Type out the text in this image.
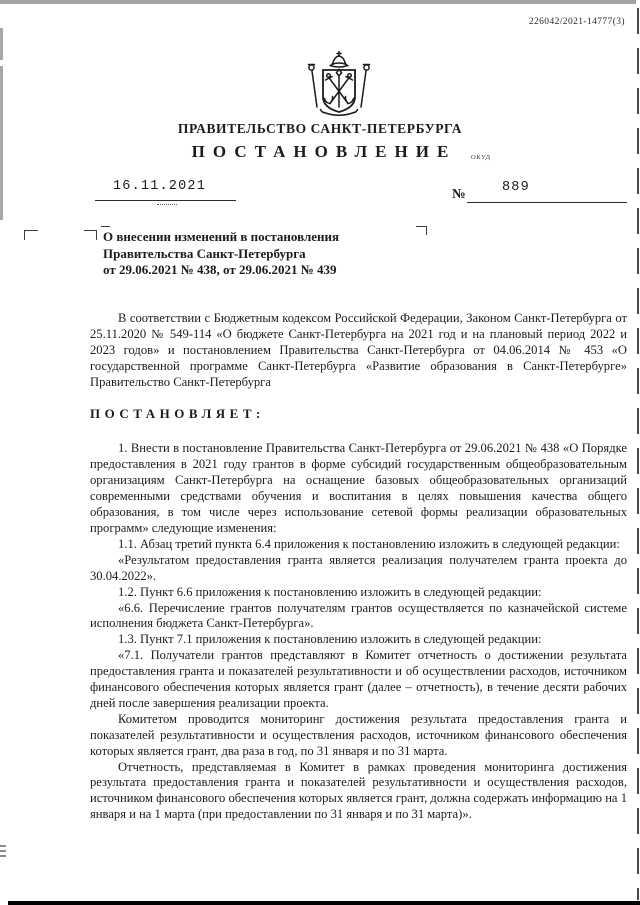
226042/2021-14777(3)
ПРАВИТЕЛЬСТВО САНКТ-ПЕТЕРБУРГА
ПОСТАНОВЛЕНИЕ	ОКУД
16.11.2021	№	889
О внесении изменений в постановления
Правительства Санкт-Петербурга
от 29.06.2021 № 438, от 29.06.2021 № 439

В соответствии с Бюджетным кодексом Российской Федерации, Законом Санкт-Петербурга от 25.11.2020 № 549-114 «О бюджете Санкт-Петербурга на 2021 год и на плановый период 2022 и 2023 годов» и постановлением Правительства Санкт-Петербурга от 04.06.2014 № 453 «О государственной программе Санкт-Петербурга «Развитие образования в Санкт-Петербурге» Правительство Санкт-Петербурга

ПОСТАНОВЛЯЕТ:

1. Внести в постановление Правительства Санкт-Петербурга от 29.06.2021 № 438 «О Порядке предоставления в 2021 году грантов в форме субсидий государственным общеобразовательным организациям Санкт-Петербурга на оснащение базовых общеобразовательных организаций современными средствами обучения и воспитания в целях повышения качества общего образования, в том числе через использование сетевой формы реализации образовательных программ» следующие изменения:

1.1. Абзац третий пункта 6.4 приложения к постановлению изложить в следующей редакции:

«Результатом предоставления гранта является реализация получателем гранта проекта до 30.04.2022».

1.2. Пункт 6.6 приложения к постановлению изложить в следующей редакции:

«6.6. Перечисление грантов получателям грантов осуществляется по казначейской системе исполнения бюджета Санкт-Петербурга».

1.3. Пункт 7.1 приложения к постановлению изложить в следующей редакции:

«7.1. Получатели грантов представляют в Комитет отчетность о достижении результата предоставления гранта и показателей результативности и об осуществлении расходов, источником финансового обеспечения которых является грант (далее – отчетность), в течение десяти рабочих дней после завершения реализации проекта.

Комитетом проводится мониторинг достижения результата предоставления гранта и показателей результативности и осуществления расходов, источником финансового обеспечения которых является грант, два раза в год, по 31 января и по 31 марта.

Отчетность, представляемая в Комитет в рамках проведения мониторинга достижения результата предоставления гранта и показателей результативности и осуществления расходов, источником финансового обеспечения которых является грант, должна содержать информацию на 1 января и на 1 марта (при предоставлении по 31 января и по 31 марта)».
